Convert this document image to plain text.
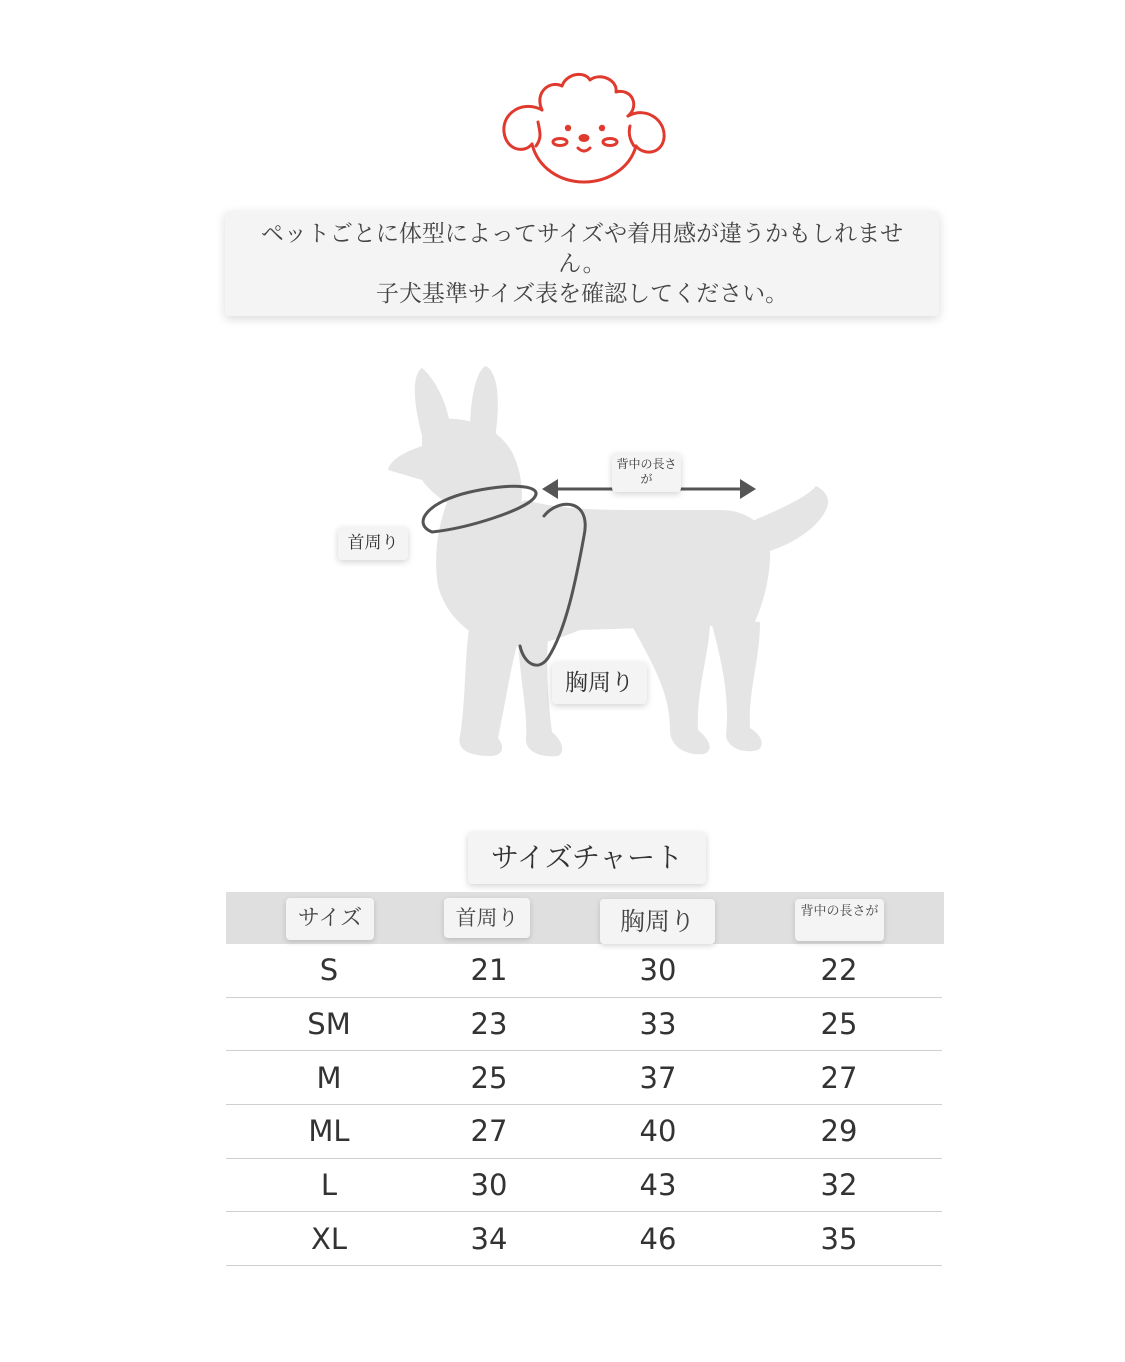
ペットごとに体型によってサイズや着用感が違うかもしれませ

ん。

子犬基準サイズ表を確認してください。

首周り
背中の長さが
胸周り
サイズチャート
サイズ	首周り	胸周り	背中の長さが
S	21	30	22
SM	23	33	25
M	25	37	27
ML	27	40	29
L	30	43	32
XL	34	46	35
